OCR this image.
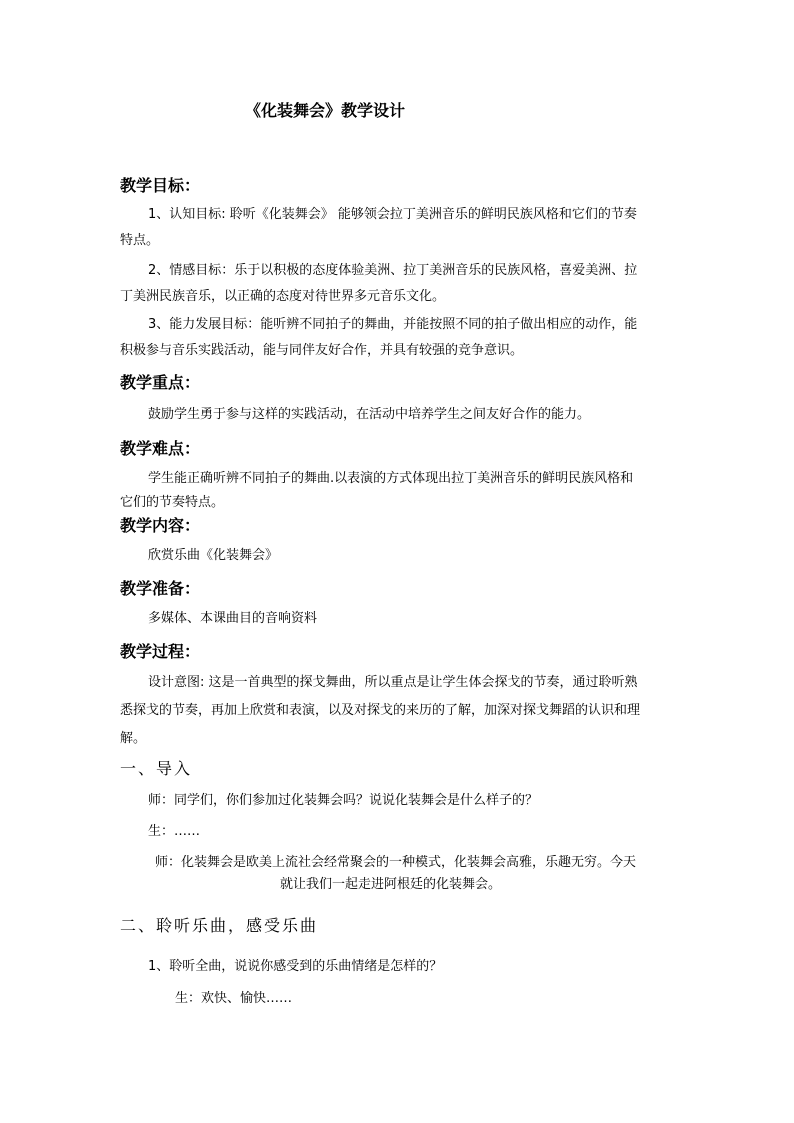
《化装舞会》教学设计
教学目标：
1、认知目标: 聆听《化装舞会》 能够领会拉丁美洲音乐的鲜明民族风格和它们的节奏
特点。
2、情感目标：乐于以积极的态度体验美洲、拉丁美洲音乐的民族风格，喜爱美洲、拉
丁美洲民族音乐，以正确的态度对待世界多元音乐文化。
3、能力发展目标：能听辨不同拍子的舞曲，并能按照不同的拍子做出相应的动作，能
积极参与音乐实践活动，能与同伴友好合作，并具有较强的竞争意识。
教学重点：
鼓励学生勇于参与这样的实践活动，在活动中培养学生之间友好合作的能力。
教学难点：
学生能正确听辨不同拍子的舞曲.以表演的方式体现出拉丁美洲音乐的鲜明民族风格和
它们的节奏特点。
教学内容：
欣赏乐曲《化装舞会》
教学准备：
多媒体、本课曲目的音响资料
教学过程：
设计意图: 这是一首典型的探戈舞曲，所以重点是让学生体会探戈的节奏，通过聆听熟
悉探戈的节奏，再加上欣赏和表演，以及对探戈的来历的了解，加深对探戈舞蹈的认识和理
解。
一、导入
师：同学们，你们参加过化装舞会吗？说说化装舞会是什么样子的？
生：……
师：化装舞会是欧美上流社会经常聚会的一种模式，化装舞会高雅，乐趣无穷。今天
就让我们一起走进阿根廷的化装舞会。
二、聆听乐曲，感受乐曲
1、聆听全曲，说说你感受到的乐曲情绪是怎样的？
生：欢快、愉快……
